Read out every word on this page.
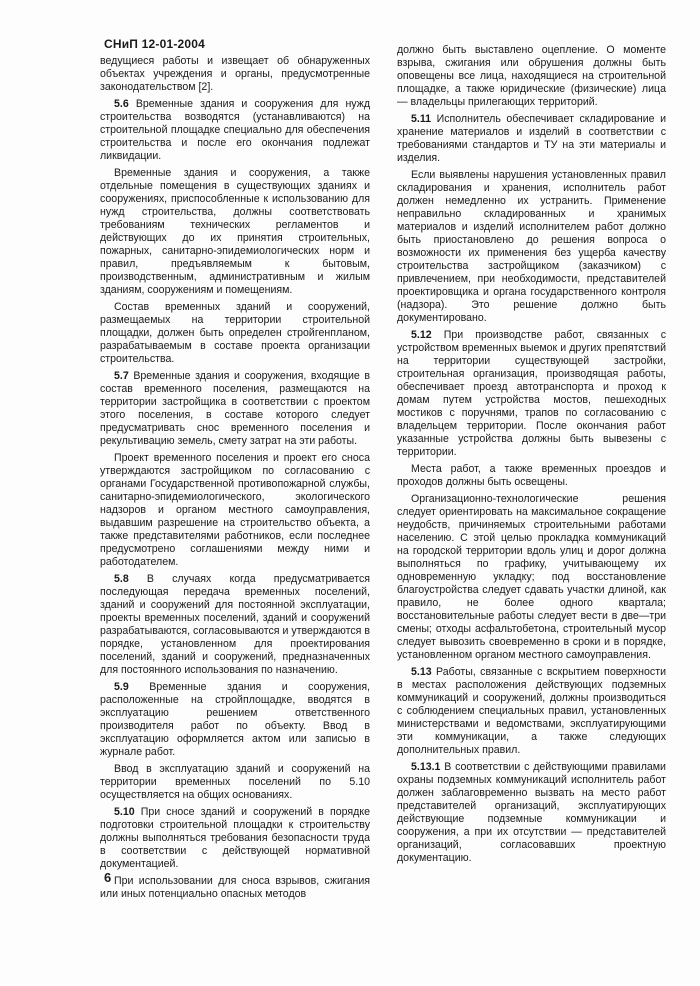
СНиП 12-01-2004

ведущиеся работы и извещает об обнаруженных объектах учреждения и органы, предусмотренные законодательством [2].

5.6 Временные здания и сооружения для нужд строительства возводятся (устанавливаются) на строительной площадке специально для обеспечения строительства и после его окончания подлежат ликвидации.

Временные здания и сооружения, а также отдельные помещения в существующих зданиях и сооружениях, приспособленные к использованию для нужд строительства, должны соответствовать требованиям технических регламентов и действующих до их принятия строительных, пожарных, санитарно-эпидемиологических норм и правил, предъявляемым к бытовым, производственным, административным и жилым зданиям, сооружениям и помещениям.

Состав временных зданий и сооружений, размещаемых на территории строительной площадки, должен быть определен стройгенпланом, разрабатываемым в составе проекта организации строительства.

5.7 Временные здания и сооружения, входящие в состав временного поселения, размещаются на территории застройщика в соответствии с проектом этого поселения, в составе которого следует предусматривать снос временного поселения и рекультивацию земель, смету затрат на эти работы.

Проект временного поселения и проект его сноса утверждаются застройщиком по согласованию с органами Государственной противопожарной службы, санитарно-эпидемиологического, экологического надзоров и органом местного самоуправления, выдавшим разрешение на строительство объекта, а также представителями работников, если последнее предусмотрено соглашениями между ними и работодателем.

5.8 В случаях когда предусматривается последующая передача временных поселений, зданий и сооружений для постоянной эксплуатации, проекты временных поселений, зданий и сооружений разрабатываются, согласовываются и утверждаются в порядке, установленном для проектирования поселений, зданий и сооружений, предназначенных для постоянного использования по назначению.

5.9 Временные здания и сооружения, расположенные на стройплощадке, вводятся в эксплуатацию решением ответственного производителя работ по объекту. Ввод в эксплуатацию оформляется актом или записью в журнале работ.

Ввод в эксплуатацию зданий и сооружений на территории временных поселений по 5.10 осуществляется на общих основаниях.

5.10 При сносе зданий и сооружений в порядке подготовки строительной площадки к строительству должны выполняться требования безопасности труда в соответствии с действующей нормативной документацией.

При использовании для сноса взрывов, сжигания или иных потенциально опасных методов

должно быть выставлено оцепление. О моменте взрыва, сжигания или обрушения должны быть оповещены все лица, находящиеся на строительной площадке, а также юридические (физические) лица — владельцы прилегающих территорий.

5.11 Исполнитель обеспечивает складирование и хранение материалов и изделий в соответствии с требованиями стандартов и ТУ на эти материалы и изделия.

Если выявлены нарушения установленных правил складирования и хранения, исполнитель работ должен немедленно их устранить. Применение неправильно складированных и хранимых материалов и изделий исполнителем работ должно быть приостановлено до решения вопроса о возможности их применения без ущерба качеству строительства застройщиком (заказчиком) с привлечением, при необходимости, представителей проектировщика и органа государственного контроля (надзора). Это решение должно быть документировано.

5.12 При производстве работ, связанных с устройством временных выемок и других препятствий на территории существующей застройки, строительная организация, производящая работы, обеспечивает проезд автотранспорта и проход к домам путем устройства мостов, пешеходных мостиков с поручнями, трапов по согласованию с владельцем территории. После окончания работ указанные устройства должны быть вывезены с территории.

Места работ, а также временных проездов и проходов должны быть освещены.

Организационно-технологические решения следует ориентировать на максимальное сокращение неудобств, причиняемых строительными работами населению. С этой целью прокладка коммуникаций на городской территории вдоль улиц и дорог должна выполняться по графику, учитывающему их одновременную укладку; под восстановление благоустройства следует сдавать участки длиной, как правило, не более одного квартала; восстановительные работы следует вести в две—три смены; отходы асфальтобетона, строительный мусор следует вывозить своевременно в сроки и в порядке, установленном органом местного самоуправления.

5.13 Работы, связанные с вскрытием поверхности в местах расположения действующих подземных коммуникаций и сооружений, должны производиться с соблюдением специальных правил, установленных министерствами и ведомствами, эксплуатирующими эти коммуникации, а также следующих дополнительных правил.

5.13.1 В соответствии с действующими правилами охраны подземных коммуникаций исполнитель работ должен заблаговременно вызвать на место работ представителей организаций, эксплуатирующих действующие подземные коммуникации и сооружения, а при их отсутствии — представителей организаций, согласовавших проектную документацию.

6
